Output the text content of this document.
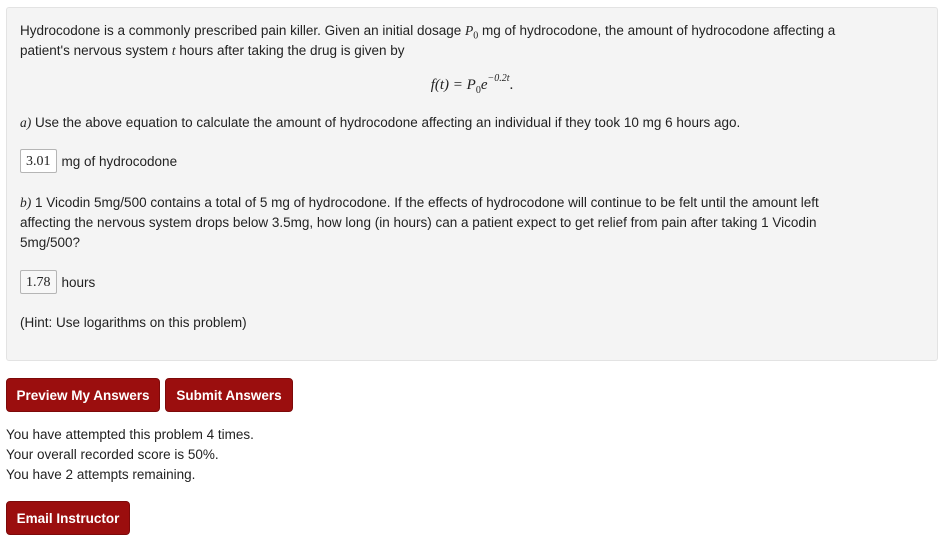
Hydrocodone is a commonly prescribed pain killer. Given an initial dosage $P_0$ mg of hydrocodone, the amount of hydrocodone affecting a
patient's nervous system t hours after taking the drug is given by
$f(t) = P_0e^{-0.2t}$.
a) Use the above equation to calculate the amount of hydrocodone affecting an individual if they took 10 mg 6 hours ago.
3.01 mg of hydrocodone
b) 1 Vicodin 5mg/500 contains a total of 5 mg of hydrocodone. If the effects of hydrocodone will continue to be felt until the amount left
affecting the nervous system drops below 3.5mg, how long (in hours) can a patient expect to get relief from pain after taking 1 Vicodin
5mg/500?
1.78 hours
(Hint: Use logarithms on this problem)
Preview My Answers	Submit Answers
You have attempted this problem 4 times.
Your overall recorded score is 50%.
You have 2 attempts remaining.
Email Instructor
